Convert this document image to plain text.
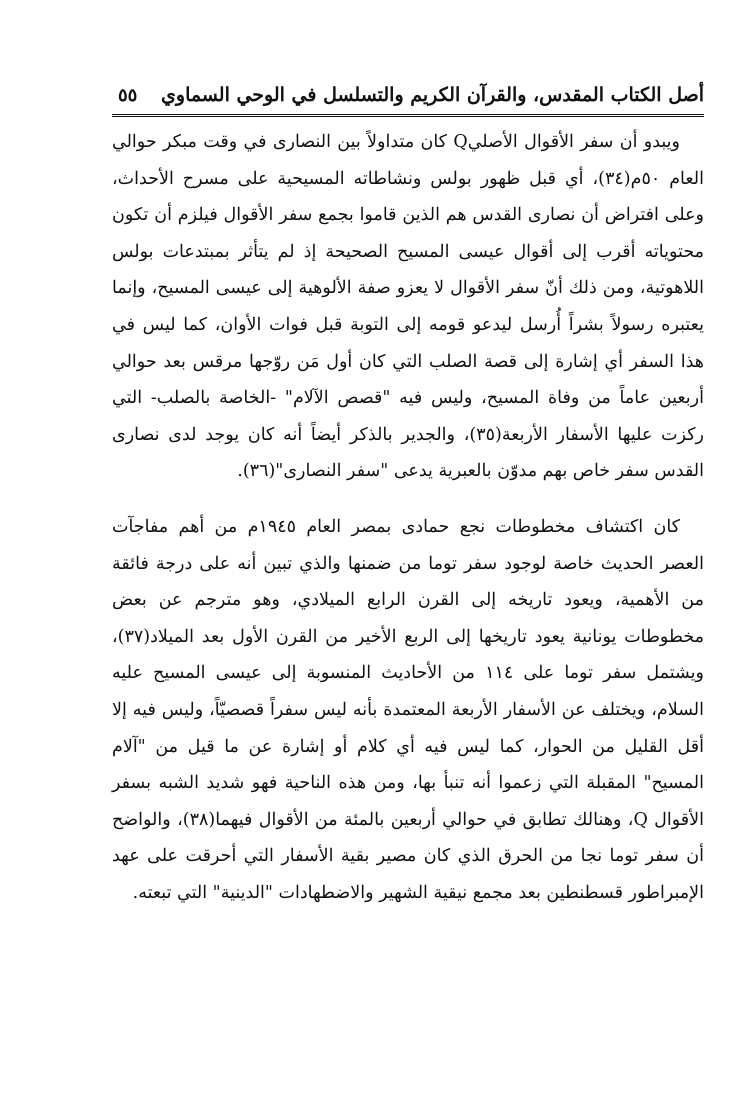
٥٥ أصل الكتاب المقدس، والقرآن الكريم والتسلسل في الوحي السماوي

ويبدو أن سفر الأقوال الأصليQ كان متداولاً بين النصارى في وقت مبكر حوالي العام ٥٠م(٣٤)، أي قبل ظهور بولس ونشاطاته المسيحية على مسرح الأحداث، وعلى افتراض أن نصارى القدس هم الذين قاموا بجمع سفر الأقوال فيلزم أن تكون محتوياته أقرب إلى أقوال عيسى المسيح الصحيحة إذ لم يتأثر بمبتدعات بولس اللاهوتية، ومن ذلك أنّ سفر الأقوال لا يعزو صفة الألوهية إلى عيسى المسيح، وإنما يعتبره رسولاً بشراً أُرسل ليدعو قومه إلى التوبة قبل فوات الأوان، كما ليس في هذا السفر أي إشارة إلى قصة الصلب التي كان أول مَن روّجها مرقس بعد حوالي أربعين عاماً من وفاة المسيح، وليس فيه "قصص الآلام" -الخاصة بالصلب- التي ركزت عليها الأسفار الأربعة(٣٥)، والجدير بالذكر أيضاً أنه كان يوجد لدى نصارى القدس سفر خاص بهم مدوّن بالعبرية يدعى "سفر النصارى"(٣٦).

كان اكتشاف مخطوطات نجع حمادى بمصر العام ١٩٤٥م من أهم مفاجآت العصر الحديث خاصة لوجود سفر توما من ضمنها والذي تبين أنه على درجة فائقة من الأهمية، ويعود تاريخه إلى القرن الرابع الميلادي، وهو مترجم عن بعض مخطوطات يونانية يعود تاريخها إلى الربع الأخير من القرن الأول بعد الميلاد(٣٧)، ويشتمل سفر توما على ١١٤ من الأحاديث المنسوبة إلى عيسى المسيح عليه السلام، ويختلف عن الأسفار الأربعة المعتمدة بأنه ليس سفراً قصصيّاً، وليس فيه إلا أقل القليل من الحوار، كما ليس فيه أي كلام أو إشارة عن ما قيل من "آلام المسيح" المقبلة التي زعموا أنه تنبأ بها، ومن هذه الناحية فهو شديد الشبه بسفر الأقوال Q، وهنالك تطابق في حوالي أربعين بالمئة من الأقوال فيهما(٣٨)، والواضح أن سفر توما نجا من الحرق الذي كان مصير بقية الأسفار التي أحرقت على عهد الإمبراطور قسطنطين بعد مجمع نيقية الشهير والاضطهادات "الدينية" التي تبعته.
